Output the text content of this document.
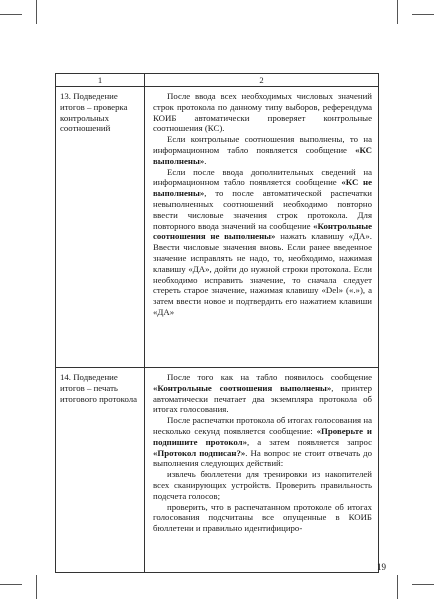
1	2
13. Подведение итогов – проверка контрольных соотношений	После ввода всех необходимых числовых значений строк протокола по данному типу выборов, референдума КОИБ автоматически проверяет контрольные соотношения (КС).

Если контрольные соотношения выполнены, то на информационном табло появляется сообщение «КС выполнены».

Если после ввода дополнительных сведений на информационном табло появляется сообщение «КС не выполнены», то после автоматической распечатки невыполненных соотношений необходимо повторно ввести числовые значения строк протокола. Для повторного ввода значений на сообщение «Контрольные соотношения не выполнены» нажать клавишу «ДА». Ввести числовые значения вновь. Если ранее введенное значение исправлять не надо, то, необходимо, нажимая клавишу «ДА», дойти до нужной строки протокола. Если необходимо исправить значение, то сначала следует стереть старое значение, нажимая клавишу «Del» («.»), а затем ввести новое и подтвердить его нажатием клавиши «ДА»

14. Подведение итогов – печать итогового протокола	После того как на табло появилось сообщение «Контрольные соотношения выполнены», принтер автоматически печатает два экземпляра протокола об итогах голосования.

После распечатки протокола об итогах голосования на несколько секунд появляется сообщение: «Проверьте и подпишите протокол», а затем появляется запрос «Протокол подписан?». На вопрос не стоит отвечать до выполнения следующих действий:

извлечь бюллетени для тренировки из накопителей всех сканирующих устройств. Проверить правильность подсчета голосов;

проверить, что в распечатанном протоколе об итогах голосования подсчитаны все опущенные в КОИБ бюллетени и правильно идентифициро-

19
